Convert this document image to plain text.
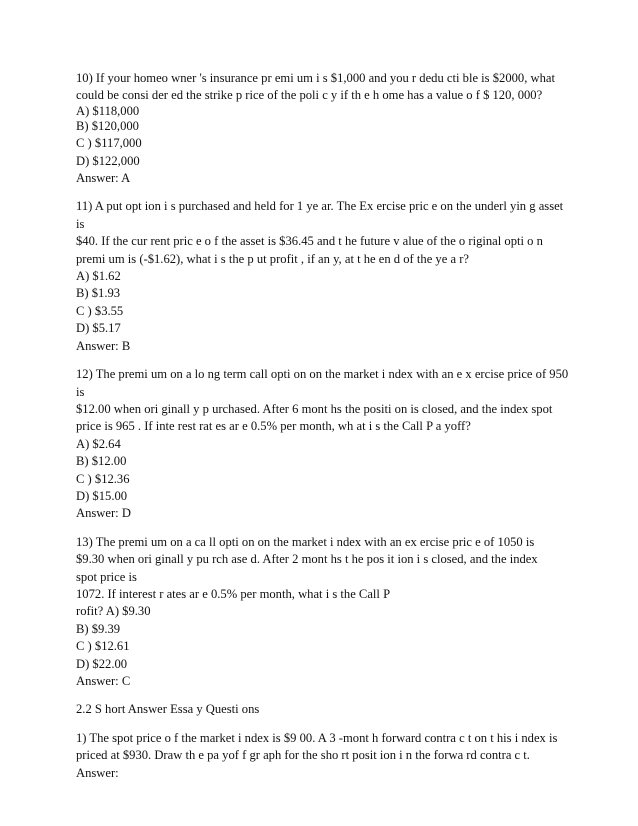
10) If your homeo wner 's insurance pr emi um i s $1,000 and you r dedu cti ble is $2000, what
could be consi der ed the strike p rice of the poli c y if th e h ome has a value o f $ 120, 000?
A) $118,000
B) $120,000
C ) $117,000
D) $122,000
Answer: A
11) A put opt ion i s purchased and held for 1 ye ar. The Ex ercise pric e on the underl yin g asset
is
$40. If the cur rent pric e o f the asset is $36.45 and t he future v alue of the o riginal opti o n
premi um is (-$1.62), what i s the p ut profit , if an y, at t he en d of the ye a r?
A) $1.62
B) $1.93
C ) $3.55
D) $5.17
Answer: B
12) The premi um on a lo ng term call opti on on the market i ndex with an e x ercise price of 950
is
$12.00 when ori ginall y p urchased. After 6 mont hs the positi on is closed, and the index spot
price is 965 . If inte rest rat es ar e 0.5% per month, wh at i s the Call P a yoff?
A) $2.64
B) $12.00
C ) $12.36
D) $15.00
Answer: D
13) The premi um on a ca ll opti on on the market i ndex with an ex ercise pric e of 1050 is
$9.30 when ori ginall y pu rch ase d. After 2 mont hs t he pos it ion i s closed, and the index
spot price is
1072. If interest r ates ar e 0.5% per month, what i s the Call P
rofit? A) $9.30
B) $9.39
C ) $12.61
D) $22.00
Answer: C
2.2 S hort Answer Essa y Questi ons
1) The spot price o f the market i ndex is $9 00. A 3 -mont h forward contra c t on t his i ndex is
priced at $930. Draw th e pa yof f gr aph for the sho rt posit ion i n the forwa rd contra c t.
Answer:
